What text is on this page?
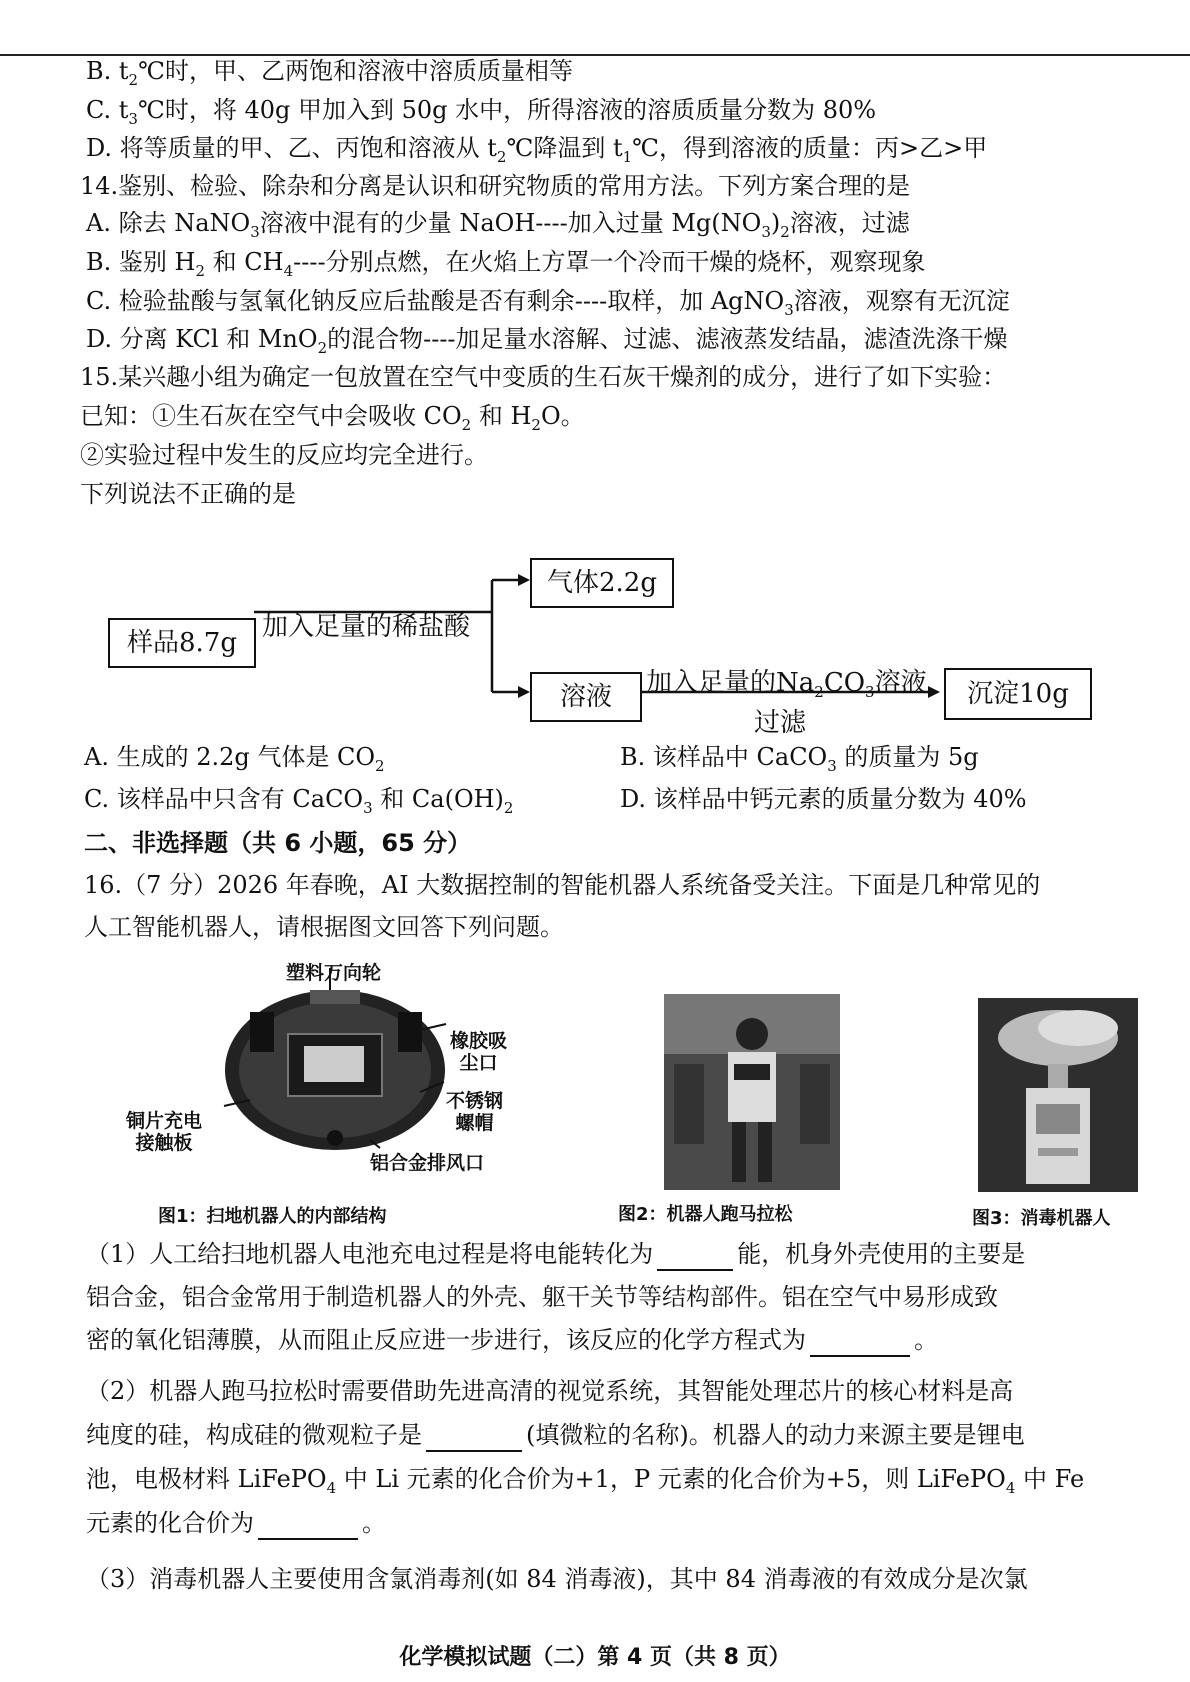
B. $t_2℃$时，甲、乙两饱和溶液中溶质质量相等
C. $t_3℃$时，将 40g 甲加入到 50g 水中，所得溶液的溶质质量分数为 80%
D. 将等质量的甲、乙、丙饱和溶液从 $t_2℃$降温到 $t_1℃$，得到溶液的质量：丙>乙>甲
14.鉴别、检验、除杂和分离是认识和研究物质的常用方法。下列方案合理的是
A. 除去 NaNO$_3$溶液中混有的少量 NaOH----加入过量 $Mg(NO_3)_2$溶液，过滤
B. 鉴别 $H_2$ 和 $CH_4----$分别点燃，在火焰上方罩一个冷而干燥的烧杯，观察现象
C. 检验盐酸与氢氧化钠反应后盐酸是否有剩余----取样，加 AgNO$_3$溶液，观察有无沉淀
D. 分离 KCl 和 MnO$_2$的混合物----加足量水溶解、过滤、滤液蒸发结晶，滤渣洗涤干燥
15.某兴趣小组为确定一包放置在空气中变质的生石灰干燥剂的成分，进行了如下实验：
已知：①生石灰在空气中会吸收 $CO_2$ 和 $H_2O$。
②实验过程中发生的反应均完全进行。
下列说法不正确的是
样品8.7g
加入足量的稀盐酸
气体2.2g
溶液	加入足量的$Na_2CO_3$溶液
过滤
沉淀10g
A. 生成的 2.2g 气体是 $CO_2$	B. 该样品中 CaCO$_3$ 的质量为 5g
C. 该样品中只含有 CaCO$_3$ 和 $Ca(OH)_2$	D. 该样品中钙元素的质量分数为 40%
二、非选择题（共 6 小题，65 分）
16.（7 分）2026 年春晚，AI 大数据控制的智能机器人系统备受关注。下面是几种常见的
人工智能机器人，请根据图文回答下列问题。
塑料万向轮
橡胶吸
尘口
不锈钢
螺帽
铜片充电
接触板
铝合金排风口
图1：扫地机器人的内部结构	图2：机器人跑马拉松	图3：消毒机器人
（1）人工给扫地机器人电池充电过程是将电能转化为	能，机身外壳使用的主要是
铝合金，铝合金常用于制造机器人的外壳、躯干关节等结构部件。铝在空气中易形成致
密的氧化铝薄膜，从而阻止反应进一步进行，该反应的化学方程式为	。
（2）机器人跑马拉松时需要借助先进高清的视觉系统，其智能处理芯片的核心材料是高
纯度的硅，构成硅的微观粒子是	(填微粒的名称)。机器人的动力来源主要是锂电
池，电极材料 LiFePO$_4$ 中 Li 元素的化合价为+1，P 元素的化合价为+5，则 LiFePO$_4$ 中 Fe
元素的化合价为	。
（3）消毒机器人主要使用含氯消毒剂(如 84 消毒液)，其中 84 消毒液的有效成分是次氯
化学模拟试题（二）第 4 页（共 8 页）
